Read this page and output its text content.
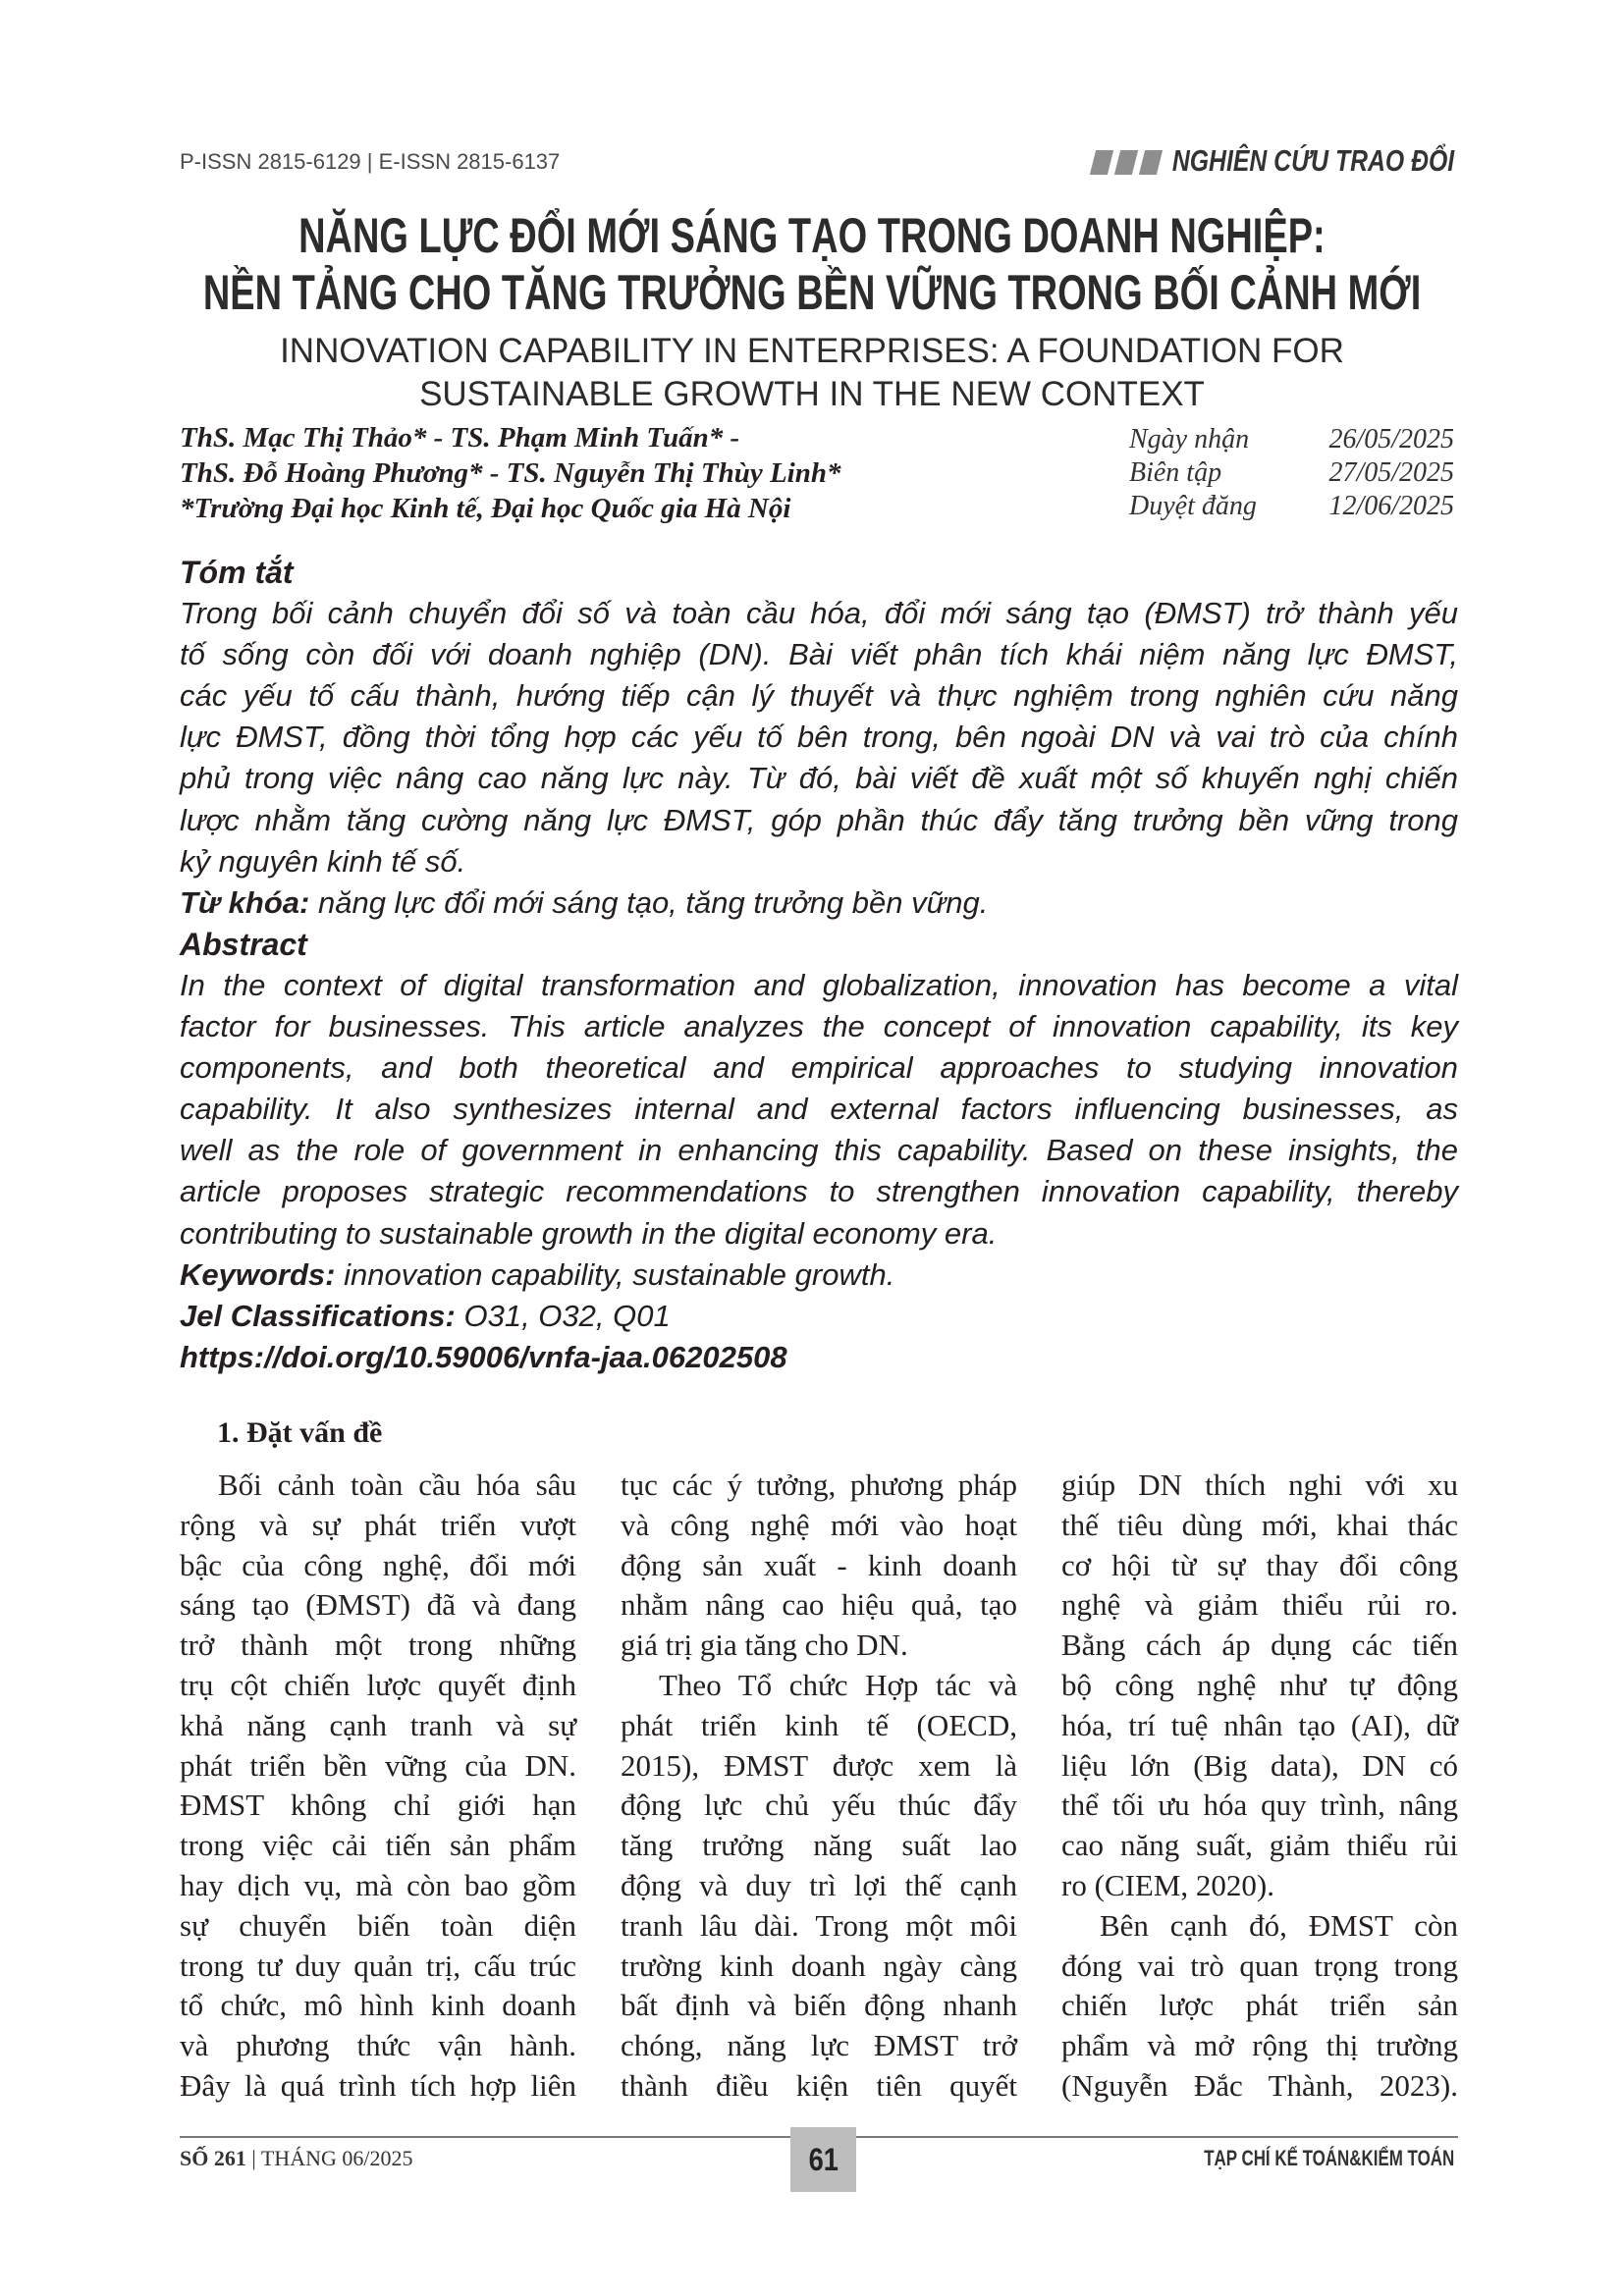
P-ISSN 2815-6129 | E-ISSN 2815-6137	NGHIÊN CỨU TRAO ĐỔI
NĂNG LỰC ĐỔI MỚI SÁNG TẠO TRONG DOANH NGHIỆP:
NỀN TẢNG CHO TĂNG TRƯỞNG BỀN VỮNG TRONG BỐI CẢNH MỚI
INNOVATION CAPABILITY IN ENTERPRISES: A FOUNDATION FOR
SUSTAINABLE GROWTH IN THE NEW CONTEXT
ThS. Mạc Thị Thảo* - TS. Phạm Minh Tuấn* -
ThS. Đỗ Hoàng Phương* - TS. Nguyễn Thị Thùy Linh*
*Trường Đại học Kinh tế, Đại học Quốc gia Hà Nội
Ngày nhận	26/05/2025
Biên tập	27/05/2025
Duyệt đăng	12/06/2025
Tóm tắt
Trong bối cảnh chuyển đổi số và toàn cầu hóa, đổi mới sáng tạo (ĐMST) trở thành yếu
tố sống còn đối với doanh nghiệp (DN). Bài viết phân tích khái niệm năng lực ĐMST,
các yếu tố cấu thành, hướng tiếp cận lý thuyết và thực nghiệm trong nghiên cứu năng
lực ĐMST, đồng thời tổng hợp các yếu tố bên trong, bên ngoài DN và vai trò của chính
phủ trong việc nâng cao năng lực này. Từ đó, bài viết đề xuất một số khuyến nghị chiến
lược nhằm tăng cường năng lực ĐMST, góp phần thúc đẩy tăng trưởng bền vững trong
kỷ nguyên kinh tế số.
Từ khóa: năng lực đổi mới sáng tạo, tăng trưởng bền vững.
Abstract
In the context of digital transformation and globalization, innovation has become a vital
factor for businesses. This article analyzes the concept of innovation capability, its key
components, and both theoretical and empirical approaches to studying innovation
capability. It also synthesizes internal and external factors influencing businesses, as
well as the role of government in enhancing this capability. Based on these insights, the
article proposes strategic recommendations to strengthen innovation capability, thereby
contributing to sustainable growth in the digital economy era.
Keywords: innovation capability, sustainable growth.
Jel Classifications: O31, O32, Q01
https://doi.org/10.59006/vnfa-jaa.06202508
1. Đặt vấn đề
Bối cảnh toàn cầu hóa sâu
rộng và sự phát triển vượt
bậc của công nghệ, đổi mới
sáng tạo (ĐMST) đã và đang
trở thành một trong những
trụ cột chiến lược quyết định
khả năng cạnh tranh và sự
phát triển bền vững của DN.
ĐMST không chỉ giới hạn
trong việc cải tiến sản phẩm
hay dịch vụ, mà còn bao gồm
sự chuyển biến toàn diện
trong tư duy quản trị, cấu trúc
tổ chức, mô hình kinh doanh
và phương thức vận hành.
Đây là quá trình tích hợp liên
tục các ý tưởng, phương pháp
và công nghệ mới vào hoạt
động sản xuất - kinh doanh
nhằm nâng cao hiệu quả, tạo
giá trị gia tăng cho DN.
Theo Tổ chức Hợp tác và
phát triển kinh tế (OECD,
2015), ĐMST được xem là
động lực chủ yếu thúc đẩy
tăng trưởng năng suất lao
động và duy trì lợi thế cạnh
tranh lâu dài. Trong một môi
trường kinh doanh ngày càng
bất định và biến động nhanh
chóng, năng lực ĐMST trở
thành điều kiện tiên quyết
giúp DN thích nghi với xu
thế tiêu dùng mới, khai thác
cơ hội từ sự thay đổi công
nghệ và giảm thiểu rủi ro.
Bằng cách áp dụng các tiến
bộ công nghệ như tự động
hóa, trí tuệ nhân tạo (AI), dữ
liệu lớn (Big data), DN có
thể tối ưu hóa quy trình, nâng
cao năng suất, giảm thiểu rủi
ro (CIEM, 2020).
Bên cạnh đó, ĐMST còn
đóng vai trò quan trọng trong
chiến lược phát triển sản
phẩm và mở rộng thị trường
(Nguyễn Đắc Thành, 2023).
SỐ 261 | THÁNG 06/2025	61	TẠP CHÍ KẾ TOÁN&KIỂM TOÁN
